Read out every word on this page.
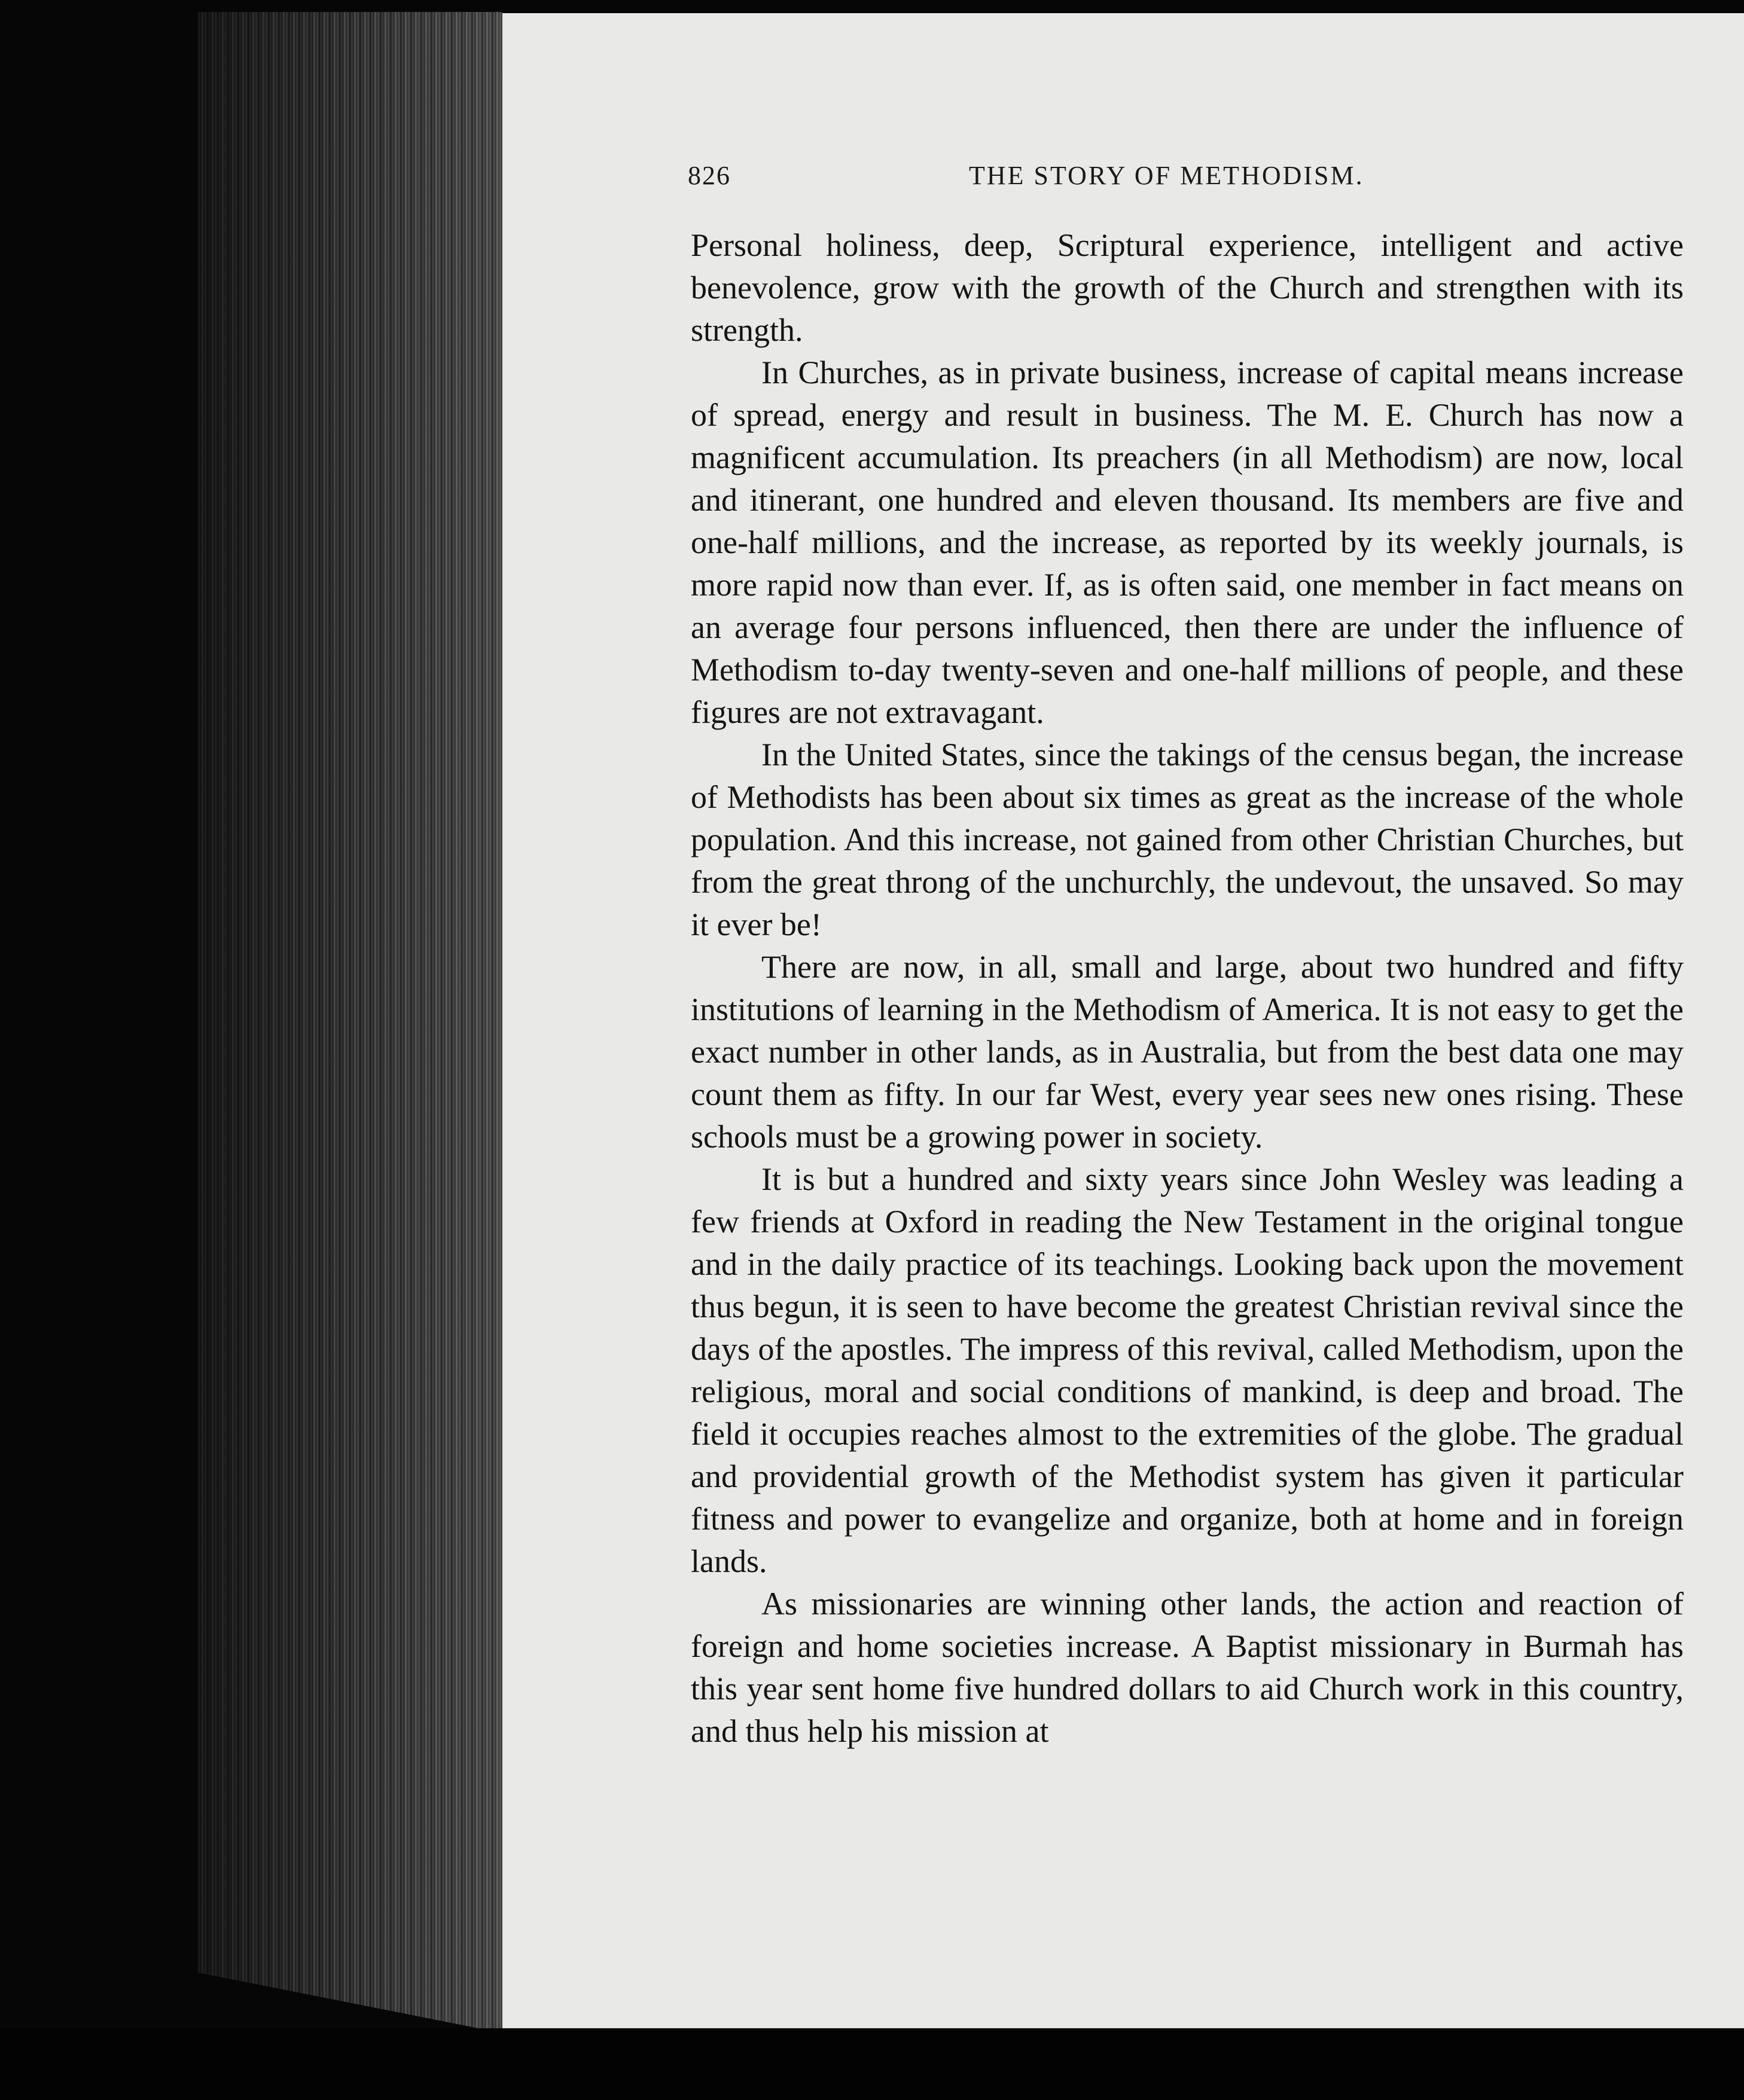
826	THE STORY OF METHODISM.

Personal holiness, deep, Scriptural experience, intelligent and active benevolence, grow with the growth of the Church and strengthen with its strength.

In Churches, as in private business, increase of capital means increase of spread, energy and result in business. The M. E. Church has now a magnificent accumulation. Its preachers (in all Methodism) are now, local and itinerant, one hundred and eleven thousand. Its members are five and one-half millions, and the increase, as reported by its weekly journals, is more rapid now than ever. If, as is often said, one member in fact means on an average four persons influenced, then there are under the influence of Methodism to-day twenty-seven and one-half millions of people, and these figures are not extravagant.

In the United States, since the takings of the census began, the increase of Methodists has been about six times as great as the increase of the whole population. And this increase, not gained from other Christian Churches, but from the great throng of the unchurchly, the undevout, the unsaved. So may it ever be!

There are now, in all, small and large, about two hundred and fifty institutions of learning in the Methodism of America. It is not easy to get the exact number in other lands, as in Australia, but from the best data one may count them as fifty. In our far West, every year sees new ones rising. These schools must be a growing power in society.

It is but a hundred and sixty years since John Wesley was leading a few friends at Oxford in reading the New Testament in the original tongue and in the daily practice of its teachings. Looking back upon the movement thus begun, it is seen to have become the greatest Christian revival since the days of the apostles. The impress of this revival, called Methodism, upon the religious, moral and social conditions of mankind, is deep and broad. The field it occupies reaches almost to the extremities of the globe. The gradual and providential growth of the Methodist system has given it particular fitness and power to evangelize and organize, both at home and in foreign lands.

As missionaries are winning other lands, the action and reaction of foreign and home societies increase. A Baptist missionary in Burmah has this year sent home five hundred dollars to aid Church work in this country, and thus help his mission at
